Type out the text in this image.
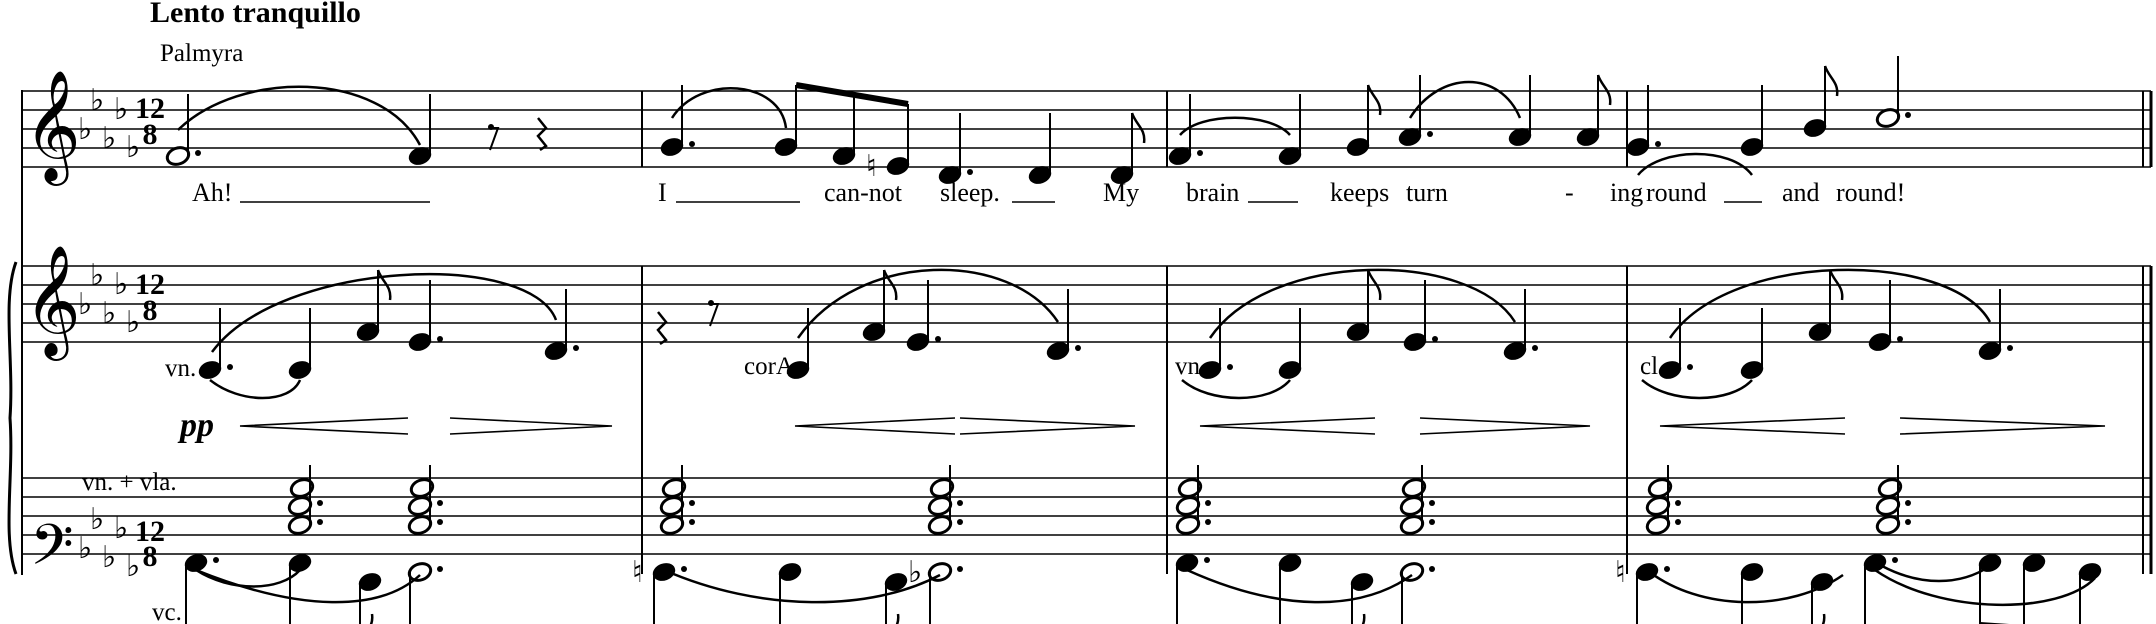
Lento tranquillo
Palmyra
𝄞
𝄞
𝄢
♭
♭
♭
♭
♭
♭
♭
♭
♭
♭
♭
♭
♭
♭
♭
12
8
12
8
12
8
♮
♮	♭	♮
pp
vn.	corA.	vn.	cl.
vn. + vla.
vc.
Ah!	I	can-not sleep.	My brain	keeps turn	- ing round	and round!
